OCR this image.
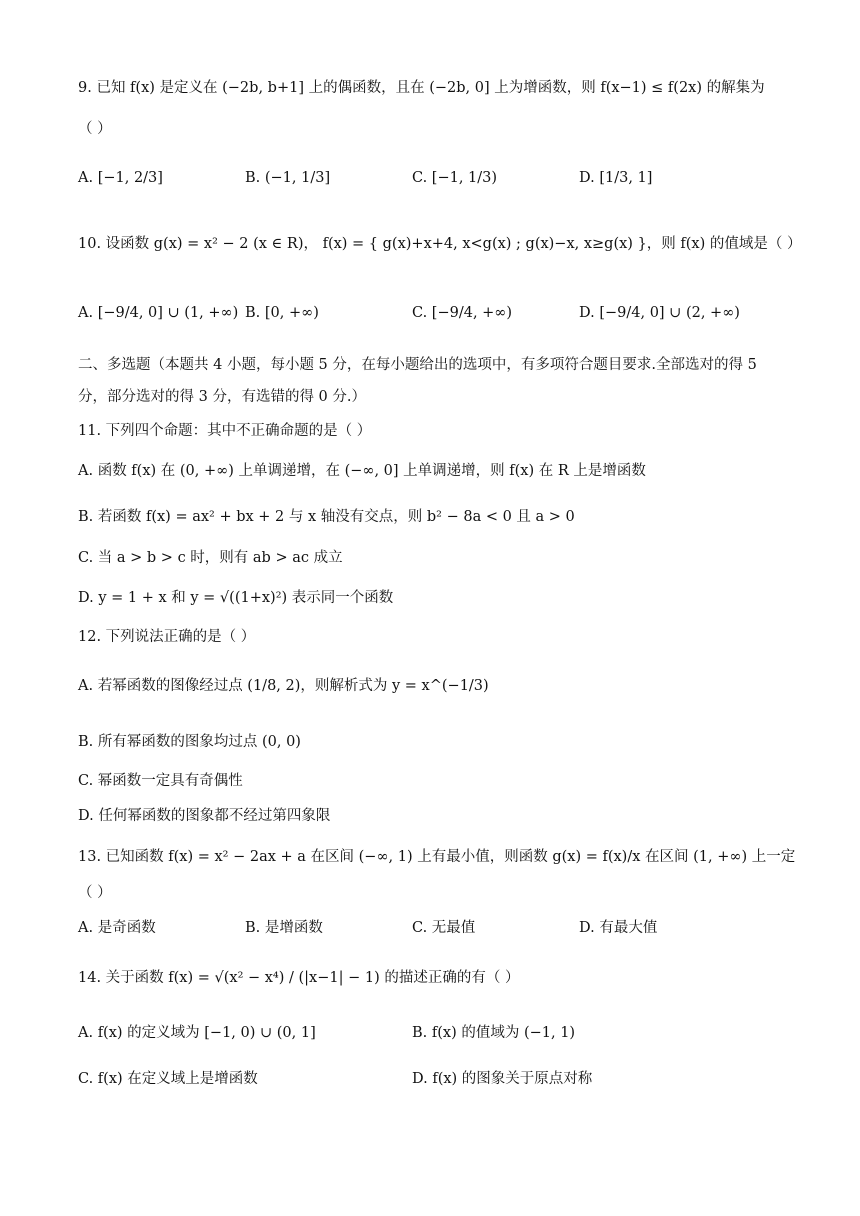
9. 已知 f(x) 是定义在 (−2b, b+1] 上的偶函数，且在 (−2b, 0] 上为增函数，则 f(x−1) ≤ f(2x) 的解集为
（ ）
A. [−1, 2/3]	B. (−1, 1/3]	C. [−1, 1/3)	D. [1/3, 1]
10. 设函数 g(x) = x² − 2 (x ∈ R)， f(x) = { g(x)+x+4, x<g(x) ; g(x)−x, x≥g(x) }，则 f(x) 的值域是（ ）
A. [−9/4, 0] ∪ (1, +∞) B. [0, +∞)	C. [−9/4, +∞)	D. [−9/4, 0] ∪ (2, +∞)
二、多选题（本题共 4 小题，每小题 5 分，在每小题给出的选项中，有多项符合题目要求.全部选对的得 5
分，部分选对的得 3 分，有选错的得 0 分.）
11. 下列四个命题：其中不正确命题的是（ ）
A. 函数 f(x) 在 (0, +∞) 上单调递增，在 (−∞, 0] 上单调递增，则 f(x) 在 R 上是增函数
B. 若函数 f(x) = ax² + bx + 2 与 x 轴没有交点，则 b² − 8a < 0 且 a > 0
C. 当 a > b > c 时，则有 ab > ac 成立
D. y = 1 + x 和 y = √((1+x)²) 表示同一个函数
12. 下列说法正确的是（ ）
A. 若幂函数的图像经过点 (1/8, 2)，则解析式为 y = x^(−1/3)
B. 所有幂函数的图象均过点 (0, 0)
C. 幂函数一定具有奇偶性
D. 任何幂函数的图象都不经过第四象限
13. 已知函数 f(x) = x² − 2ax + a 在区间 (−∞, 1) 上有最小值，则函数 g(x) = f(x)/x 在区间 (1, +∞) 上一定
（ ）
A. 是奇函数	B. 是增函数	C. 无最值	D. 有最大值
14. 关于函数 f(x) = √(x² − x⁴) / (|x−1| − 1) 的描述正确的有（ ）
A. f(x) 的定义域为 [−1, 0) ∪ (0, 1]	B. f(x) 的值域为 (−1, 1)
C. f(x) 在定义域上是增函数	D. f(x) 的图象关于原点对称
